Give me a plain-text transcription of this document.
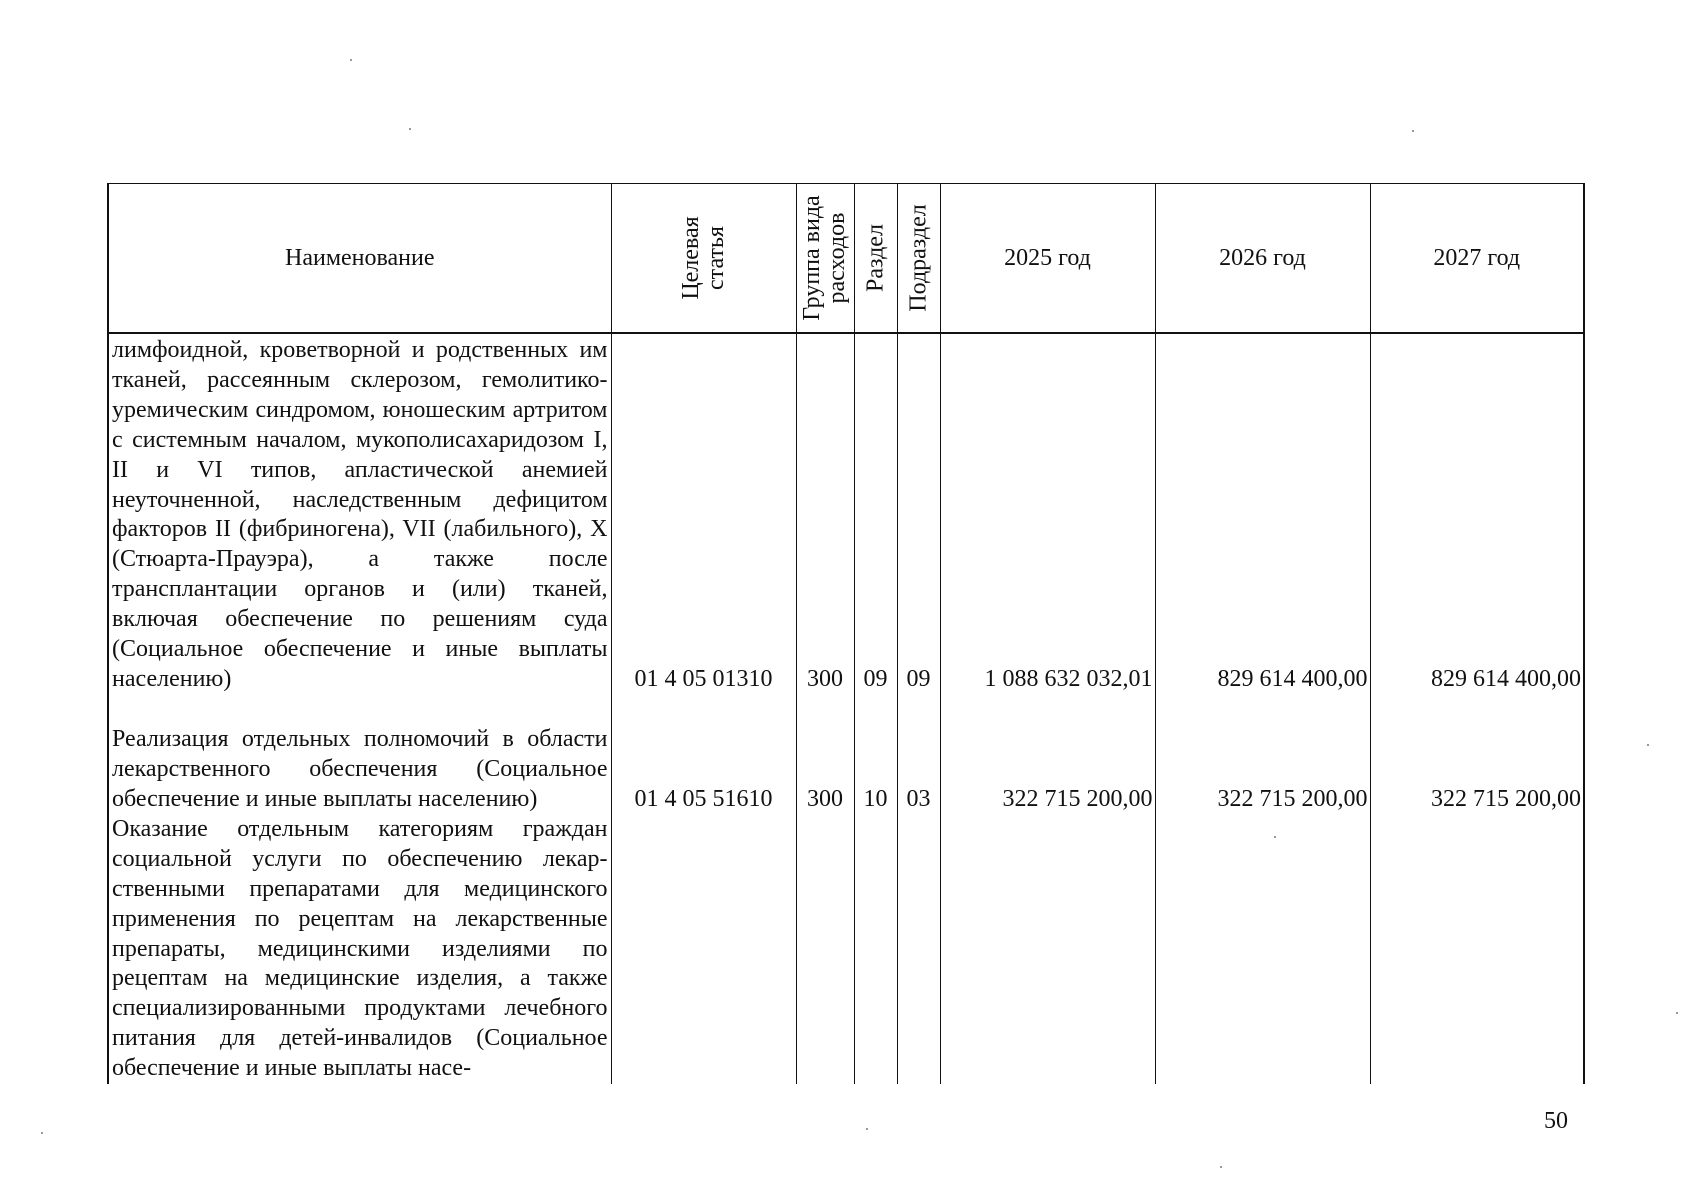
Наименование	Целевая статья	Группа вида расходов	Раздел	Подраздел	2025 год	2026 год	2027 год
лимфоидной, кроветворной и родственных им тканей, рассеянным склерозом, гемолитико-уремическим синдромом, юношеским артритом с системным началом, мукополисахаридозом I, II и VI типов, апластической анемией неуточненной, наследственным дефицитом факторов II (фибриногена), VII (лабильного), X (Стюарта-Прауэра), а также после трансплантации органов и (или) тканей, включая обеспечение по решениям суда (Социальное обеспечение и иные выплаты населению)	01 4 05 01310	300	09	09	1 088 632 032,01	829 614 400,00	829 614 400,00
Реализация отдельных полномочий в области лекарственного обеспечения (Социальное обеспечение и иные выплаты населению)	01 4 05 51610	300	10	03	322 715 200,00	322 715 200,00	322 715 200,00
Оказание отдельным категориям граждан социальной услуги по обеспечению лекарственными препаратами для медицинского применения по рецептам на лекарственные препараты, медицинскими изделиями по рецептам на медицинские изделия, а также специализированными продуктами лечебного питания для детей-инвалидов (Социальное обеспечение и иные выплаты насе-							
50
